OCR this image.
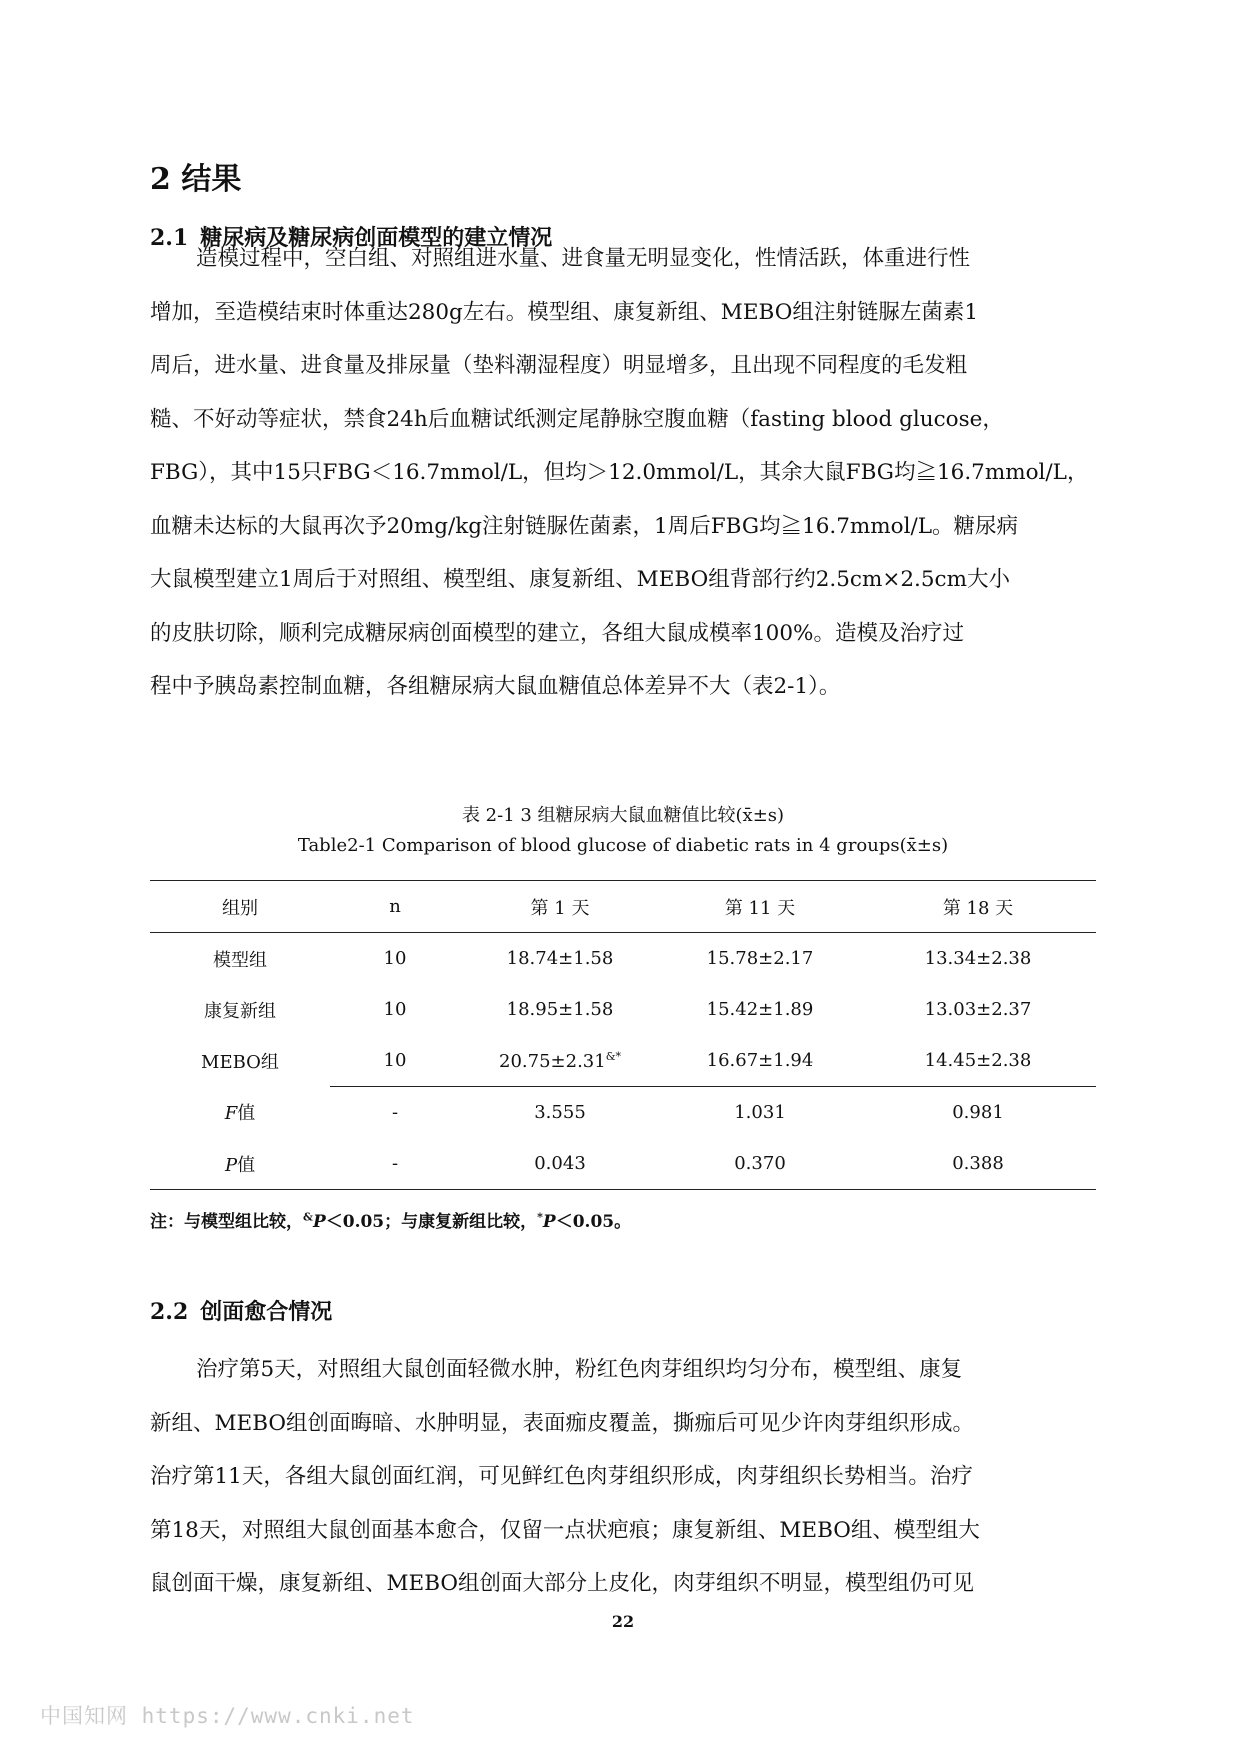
2 结果
2.1 糖尿病及糖尿病创面模型的建立情况
造模过程中，空白组、对照组进水量、进食量无明显变化，性情活跃，体重进行性
增加，至造模结束时体重达280g左右。模型组、康复新组、MEBO组注射链脲左菌素1
周后，进水量、进食量及排尿量（垫料潮湿程度）明显增多，且出现不同程度的毛发粗
糙、不好动等症状，禁食24h后血糖试纸测定尾静脉空腹血糖（fasting blood glucose，
FBG），其中15只FBG＜16.7mmol/L，但均＞12.0mmol/L，其余大鼠FBG均≧16.7mmol/L，
血糖未达标的大鼠再次予20mg/kg注射链脲佐菌素，1周后FBG均≧16.7mmol/L。糖尿病
大鼠模型建立1周后于对照组、模型组、康复新组、MEBO组背部行约2.5cm×2.5cm大小
的皮肤切除，顺利完成糖尿病创面模型的建立，各组大鼠成模率100%。造模及治疗过
程中予胰岛素控制血糖，各组糖尿病大鼠血糖值总体差异不大（表2-1）。

表 2-1 3 组糖尿病大鼠血糖值比较(x̄±s)

Table2-1 Comparison of blood glucose of diabetic rats in 4 groups(x̄±s)

组别	n	第 1 天	第 11 天	第 18 天
模型组	10	18.74±1.58	15.78±2.17	13.34±2.38
康复新组	10	18.95±1.58	15.42±1.89	13.03±2.37
MEBO组	10	20.75±2.31&*	16.67±1.94	14.45±2.38
F值	-	3.555	1.031	0.981
P值	-	0.043	0.370	0.388

注：与模型组比较，&P＜0.05；与康复新组比较，*P＜0.05。

2.2 创面愈合情况
治疗第5天，对照组大鼠创面轻微水肿，粉红色肉芽组织均匀分布，模型组、康复
新组、MEBO组创面晦暗、水肿明显，表面痂皮覆盖，撕痂后可见少许肉芽组织形成。
治疗第11天，各组大鼠创面红润，可见鲜红色肉芽组织形成，肉芽组织长势相当。治疗
第18天，对照组大鼠创面基本愈合，仅留一点状疤痕；康复新组、MEBO组、模型组大
鼠创面干燥，康复新组、MEBO组创面大部分上皮化，肉芽组织不明显，模型组仍可见
22
中国知网 https://www.cnki.net
